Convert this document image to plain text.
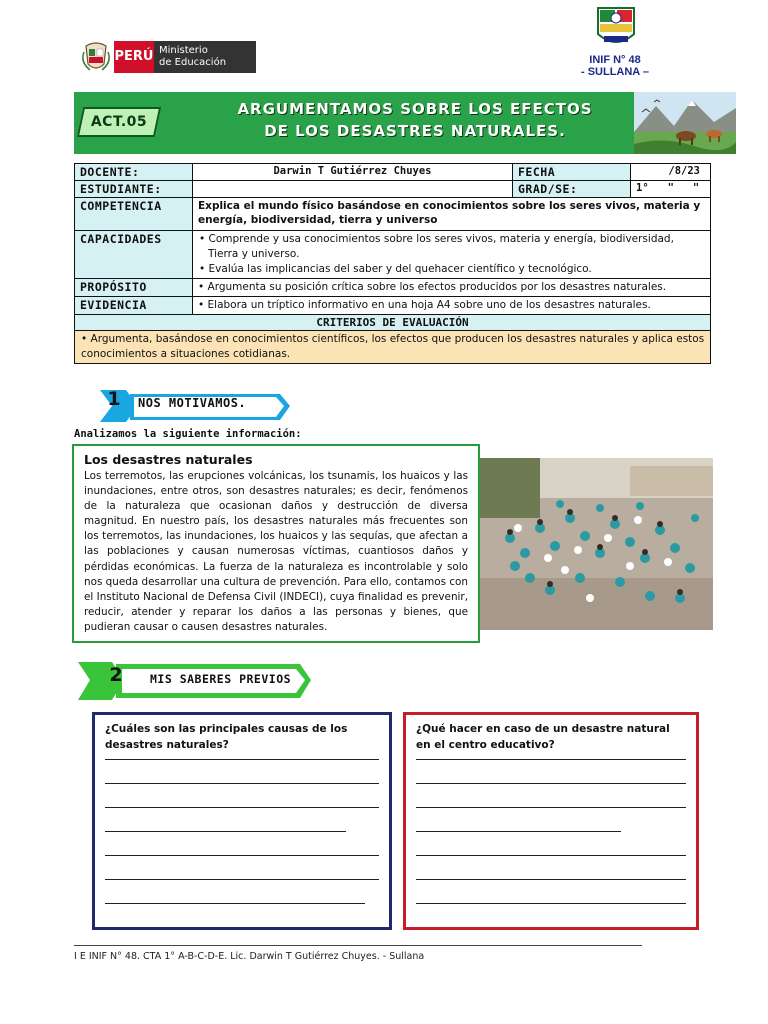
PERÚ Ministerio
de Educación	INIF N° 48
- SULLANA –
ACT.05
ARGUMENTAMOS SOBRE LOS EFECTOS
DE LOS DESASTRES NATURALES.
DOCENTE:	Darwin T Gutiérrez Chuyes	FECHA	/8/23
ESTUDIANTE:		GRAD/SE:	1°   "   "
COMPETENCIA	Explica el mundo físico basándose en conocimientos sobre los seres vivos, materia y energía, biodiversidad, tierra y universo		
CAPACIDADES	• Comprende y usa conocimientos sobre los seres vivos, materia y energía, biodiversidad, Tierra y universo.
• Evalúa las implicancias del saber y del quehacer científico y tecnológico.		

PROPÓSITO	• Argumenta su posición crítica sobre los efectos producidos por los desastres naturales.		
EVIDENCIA	• Elabora un tríptico informativo en una hoja A4 sobre uno de los desastres naturales.		
CRITERIOS DE EVALUACIÓN			
• Argumenta, basándose en conocimientos científicos, los efectos que producen los desastres naturales y aplica estos conocimientos a situaciones cotidianas.			
1	NOS MOTIVAMOS.
Analizamos la siguiente información:
Los desastres naturales
Los terremotos, las erupciones volcánicas, los tsunamis, los huaicos y las inundaciones, entre otros, son desastres naturales; es decir, fenómenos de la naturaleza que ocasionan daños y destrucción de diversa magnitud. En nuestro país, los desastres naturales más frecuentes son los terremotos, las inundaciones, los huaicos y las sequías, que afectan a las poblaciones y causan numerosas víctimas, cuantiosos daños y pérdidas económicas. La fuerza de la naturaleza es incontrolable y solo nos queda desarrollar una cultura de prevención. Para ello, contamos con el Instituto Nacional de Defensa Civil (INDECI), cuya finalidad es prevenir, reducir, atender y reparar los daños a las personas y bienes, que pudieran causar o causen desastres naturales.
2	MIS SABERES PREVIOS
¿Cuáles son las principales causas de los desastres naturales?
¿Qué hacer en caso de un desastre natural en el centro educativo?
I E INIF N° 48. CTA 1° A-B-C-D-E. Lic. Darwin T Gutiérrez Chuyes. - Sullana
